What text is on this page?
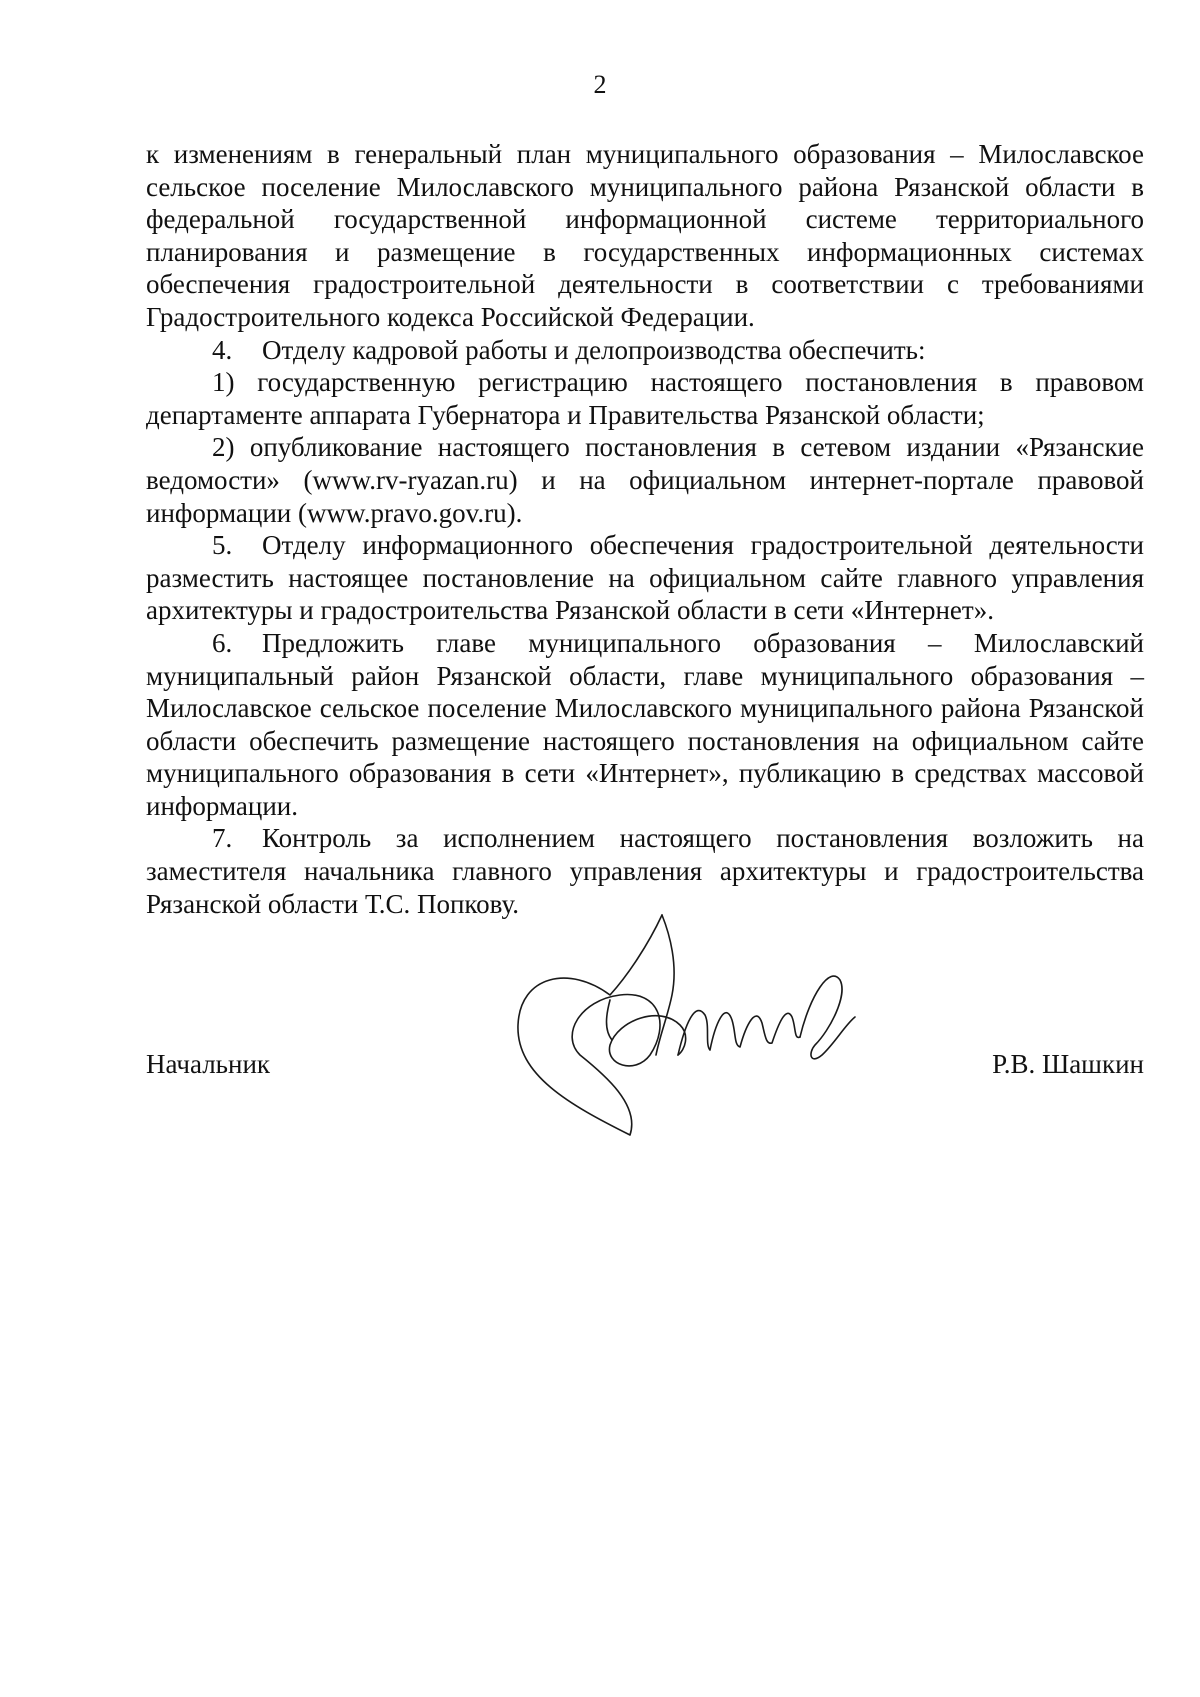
2

к изменениям в генеральный план муниципального образования – Милославское сельское поселение Милославского муниципального района Рязанской области в федеральной государственной информационной системе территориального планирования и размещение в государственных информационных системах обеспечения градостроительной деятельности в соответствии с требованиями Градостроительного кодекса Российской Федерации.

4. Отделу кадровой работы и делопроизводства обеспечить:

1) государственную регистрацию настоящего постановления в правовом департаменте аппарата Губернатора и Правительства Рязанской области;

2) опубликование настоящего постановления в сетевом издании «Рязанские ведомости» (www.rv-ryazan.ru) и на официальном интернет-портале правовой информации (www.pravo.gov.ru).

5. Отделу информационного обеспечения градостроительной деятельности разместить настоящее постановление на официальном сайте главного управления архитектуры и градостроительства Рязанской области в сети «Интернет».

6. Предложить главе муниципального образования – Милославский муниципальный район Рязанской области, главе муниципального образования – Милославское сельское поселение Милославского муниципального района Рязанской области обеспечить размещение настоящего постановления на официальном сайте муниципального образования в сети «Интернет», публикацию в средствах массовой информации.

7. Контроль за исполнением настоящего постановления возложить на заместителя начальника главного управления архитектуры и градостроительства Рязанской области Т.С. Попкову.

Начальник	Р.В. Шашкин
